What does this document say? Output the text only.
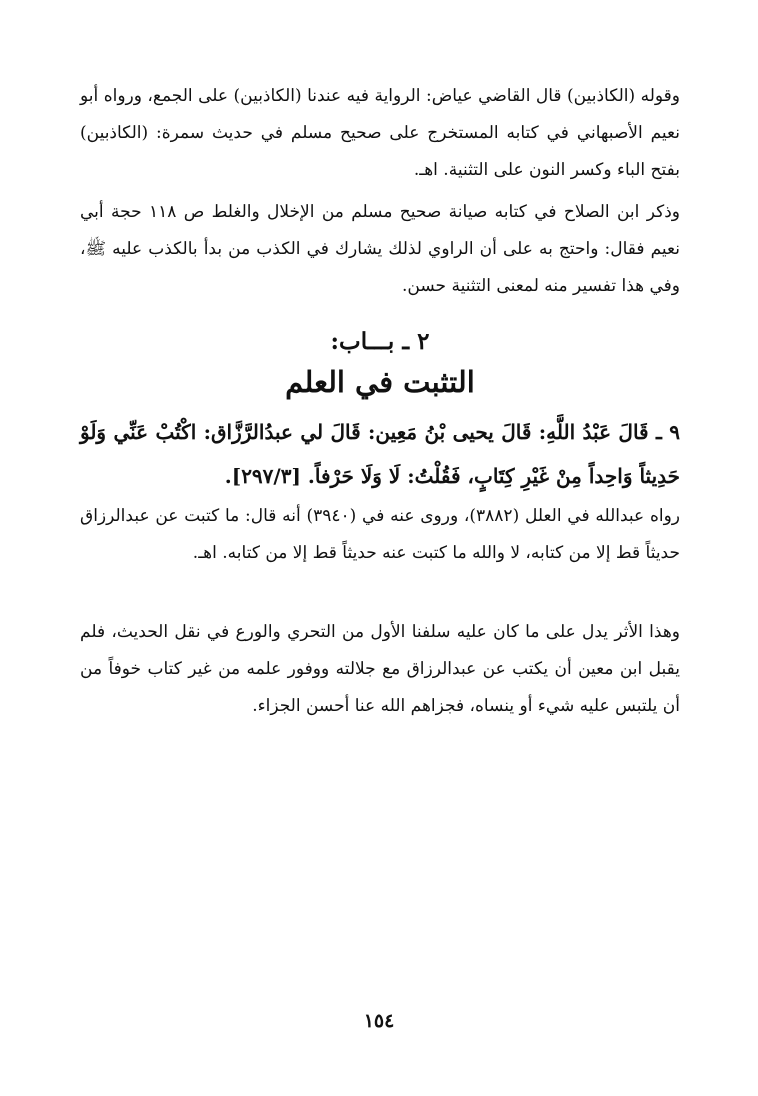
وقوله (الكاذبين) قال القاضي عياض: الرواية فيه عندنا (الكاذبين) على الجمع، ورواه أبو نعيم الأصبهاني في كتابه المستخرج على صحيح مسلم في حديث سمرة: (الكاذبين) بفتح الباء وكسر النون على التثنية. اهـ.

وذكر ابن الصلاح في كتابه صيانة صحيح مسلم من الإخلال والغلط ص ١١٨ حجة أبي نعيم فقال: واحتج به على أن الراوي لذلك يشارك في الكذب من بدأ بالكذب عليه ﷺ، وفي هذا تفسير منه لمعنى التثنية حسن.

٢ ـ بـــاب:
التثبت في العلم

٩ ـ قَالَ عَبْدُ اللَّهِ: قَالَ يحيى بْنُ مَعِين: قَالَ لي عبدُالرَّزَّاق: اكْتُبْ عَنِّي وَلَوْ حَدِيثاً وَاحِداً مِنْ غَيْرِ كِتَابٍ، فَقُلْتُ: لَا وَلَا حَرْفاً. [٢٩٧/٣].

رواه عبدالله في العلل (٣٨٨٢)، وروى عنه في (٣٩٤٠) أنه قال: ما كتبت عن عبدالرزاق حديثاً قط إلا من كتابه، لا والله ما كتبت عنه حديثاً قط إلا من كتابه. اهـ.

وهذا الأثر يدل على ما كان عليه سلفنا الأول من التحري والورع في نقل الحديث، فلم يقبل ابن معين أن يكتب عن عبدالرزاق مع جلالته ووفور علمه من غير كتاب خوفاً من أن يلتبس عليه شيء أو ينساه، فجزاهم الله عنا أحسن الجزاء.

١٥٤
